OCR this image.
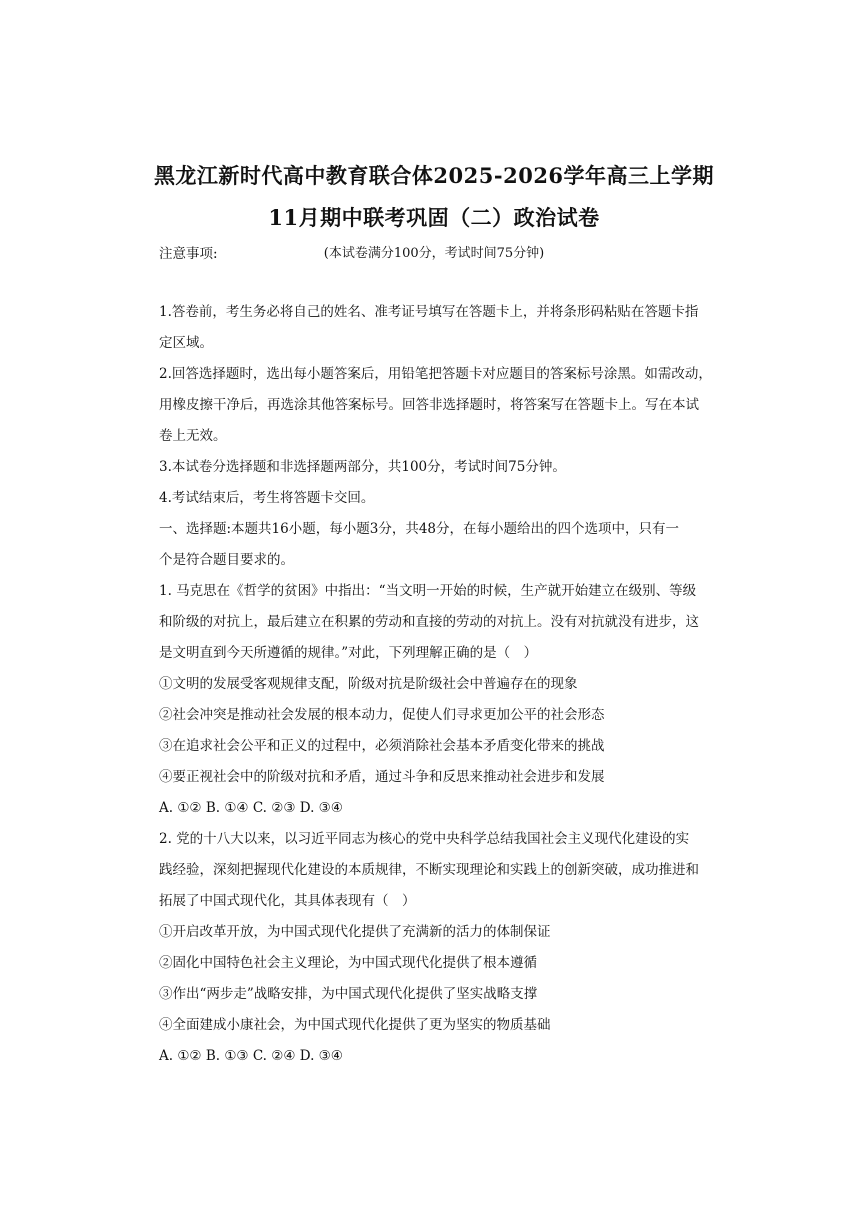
黑龙江新时代高中教育联合体2025-2026学年高三上学期
11月期中联考巩固（二）政治试卷
(本试卷满分100分，考试时间75分钟)
注意事项:
1.答卷前，考生务必将自己的姓名、准考证号填写在答题卡上，并将条形码粘贴在答题卡指
定区域。
2.回答选择题时，选出每小题答案后，用铅笔把答题卡对应题目的答案标号涂黑。如需改动，
用橡皮擦干净后，再选涂其他答案标号。回答非选择题时，将答案写在答题卡上。写在本试
卷上无效。
3.本试卷分选择题和非选择题两部分，共100分，考试时间75分钟。
4.考试结束后，考生将答题卡交回。
一、选择题:本题共16小题，每小题3分，共48分，在每小题给出的四个选项中，只有一
个是符合题目要求的。
1. 马克思在《哲学的贫困》中指出：“当文明一开始的时候，生产就开始建立在级别、等级
和阶级的对抗上，最后建立在积累的劳动和直接的劳动的对抗上。没有对抗就没有进步，这
是文明直到今天所遵循的规律。”对此，下列理解正确的是（　）
①文明的发展受客观规律支配，阶级对抗是阶级社会中普遍存在的现象
②社会冲突是推动社会发展的根本动力，促使人们寻求更加公平的社会形态
③在追求社会公平和正义的过程中，必须消除社会基本矛盾变化带来的挑战
④要正视社会中的阶级对抗和矛盾，通过斗争和反思来推动社会进步和发展
A. ①② B. ①④ C. ②③ D. ③④
2. 党的十八大以来，以习近平同志为核心的党中央科学总结我国社会主义现代化建设的实
践经验，深刻把握现代化建设的本质规律，不断实现理论和实践上的创新突破，成功推进和
拓展了中国式现代化，其具体表现有（　）
①开启改革开放，为中国式现代化提供了充满新的活力的体制保证
②固化中国特色社会主义理论，为中国式现代化提供了根本遵循
③作出“两步走”战略安排，为中国式现代化提供了坚实战略支撑
④全面建成小康社会，为中国式现代化提供了更为坚实的物质基础
A. ①② B. ①③ C. ②④ D. ③④
